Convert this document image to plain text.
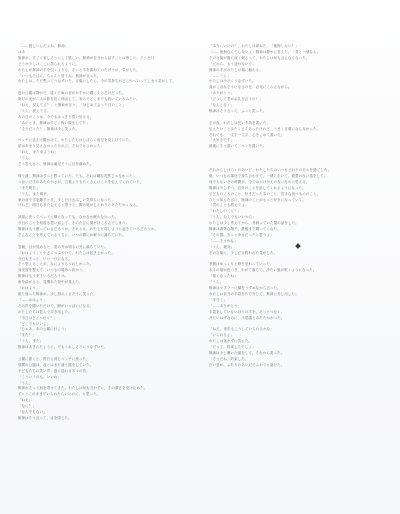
「……嬉しいんだよね、無神」

はあ

無神が、すごく楽しそうにして嬉しい。無神が自分から話すことは珍しい。そうだけ

どうか少しはここに居られるように。

わたしが無神の手を引くよりも、そっと手を重ねていたほうが、気がした。

「いつもそばに、ちゃんと居てね」無神が言った。

わたしは、ただ黙ってうなずいた。言葉にしたら、今の気持ちがどこかへいってしまう気がして。

夜の公園は静かで、遠くで車の音がかすかに聞こえるだけだった。

街灯の光が二人の影を長く伸ばして、まるでどこまでも続いているみたい。

「ねえ、覚えてる？」と無神が言う。「はじめて会った日のこと」

「うん、覚えてる」

あの日のことは、今でもはっきり思い出せる。

「あのとき、無神はすごく怖い顔をしてた」

「そうだった？」無神は少し笑った。

ベンチに並んで腰かけて、わたしたちはしばらく夜空を見上げていた。

星はあまり見えなかったけれど、それでもよかった。

「ねえ、また来ようね」

「うん」

そう答えると、無神は満足そうに目を細めた。

帰り道、無神はずっと黙っていた。でも、それは嫌な沈黙じゃなかった。

つないだ手のあたたかさが、言葉よりもたくさんのことを伝えてくれていた。

「また明日」

「うん、また明日」

家の前で手を離すとき、少しだけさみしい気持ちになった。

けれど、明日もまた会えると思うと、胸の奥がじんわりとあたたかくなる。

部屋に戻ってベッドに横になっても、なかなか眠れなかった。

今日のことを何度も思い返して、そのたびに顔がほころんでしまう。

無神はもう眠っているだろうか。それとも、わたしと同じように起きているだろうか。

そんなことを考えているうちに、いつの間にか眠りに落ちていた。

翌朝、目が覚めると、窓の外は明るい光に満ちていた。

「おはよう」と小さくつぶやいて、わたしは起き上がった。

今日もきっと、いい一日になる。

そう思えることが、なによりもうれしかった。

身支度を整えて、いつもの場所へ向かう。

無神はもう来ているだろうか。

角を曲がると、見慣れた背中が見えた。

「おはよう」

振り返った無神が、少し照れくさそうに笑った。

「……おはよう」

その声を聞いただけで、胸がいっぱいになる。

わたしたちは並んで歩き出した。

「今日はどこへ行く？」

「どこでもいいよ」

「じゃあ、あの公園に行こう」

「また？」

「うん、また」

無神はあきれたように、でもうれしそうにうなずいた。

公園に着くと、昨日と同じベンチに座った。

昼間の公園は、夜とはまた違う顔をしていた。

子どもたちの笑い声、風に揺れる木々の音。

「こういうのも、いいね」

「うん」

無神がそっと肩を寄せてきた。わたしは何も言わずに、その重さを受け止めた。

ずっとこのままでいられたらいいのに、と思った。

「ねえ」

「なに？」

「なんでもない」

無神はそう言って、目を閉じた。

「本当にいいの？」わたしは尋ねた。「後悔しない？」

「……後悔なんてしないよ」無神は静かに答えた。「君と一緒なら」

その言葉が胸に深く刺さって、わたしは何も言えなくなった。

「だから、もう迷わないで」

無神の手がわたしの頬に触れる。

「……うん」

わたしは小さくうなずいた。

涙がこぼれそうになるのを、必死にこらえながら。

「ありがとう」

「どうして君がお礼を言うの？」

「なんとなく」

無神はそう言って、ふっと笑った。

その夜、わたしは長い手紙を書いた。

伝えたいことはたくさんあったけれど、うまく言葉にならなかった。

それでも、一文字一文字、心をこめて書いた。

「大好きです」

最後にそう書いて、ペンを置いた。

それからしばらくのあいだ、わたしたちはいつもどおりの日々を過ごした。

朝、いつもの場所で待ち合わせて、一緒に歩いて、他愛のない話をして。

何でもないその時間が、今ではかけがえのないものに思える。

無神は少しずつ、自分のことを話してくれるようになった。

子どものころのこと、好きだった本のこと、苦手な食べもののこと。

ひとつ知るたびに、無神のことがもっと好きになっていく。

「君のことも教えてよ」

「わたしのこと？」

「うん。なんでもいいから」

わたしは少し考えてから、昔飼っていた猫の話をした。

無神は真剣な顔で、最後まで聞いてくれた。

「その猫、きっと幸せだったと思うよ」

「……そうかな」

「うん、絶対」

その言葉に、少しだけ救われた気がした。

季節はゆっくりと移り変わっていった。

木々の葉が色づき、やがて落ちて、冷たい風が吹くようになった。

「寒くなったね」

「うん」

無神はマフラーに顔をうずめながら言った。

わたしは自分の手袋を片方外して、無神に差し出した。

「半分こ」

「……ありがとう」

手袋をしていないほうの手を、そっとつなぐ。

冷たいはずなのに、不思議とあたたかかった。

「ねえ、来年もこうしていられるかな」

「いられるよ」

わたしは迷わずに答えた。

「だって、約束したでしょ」

無神は少し驚いた顔をして、それから笑った。

「そうだね。約束した」

白い息が、ふたりのあいだでふわりと溶けた。
